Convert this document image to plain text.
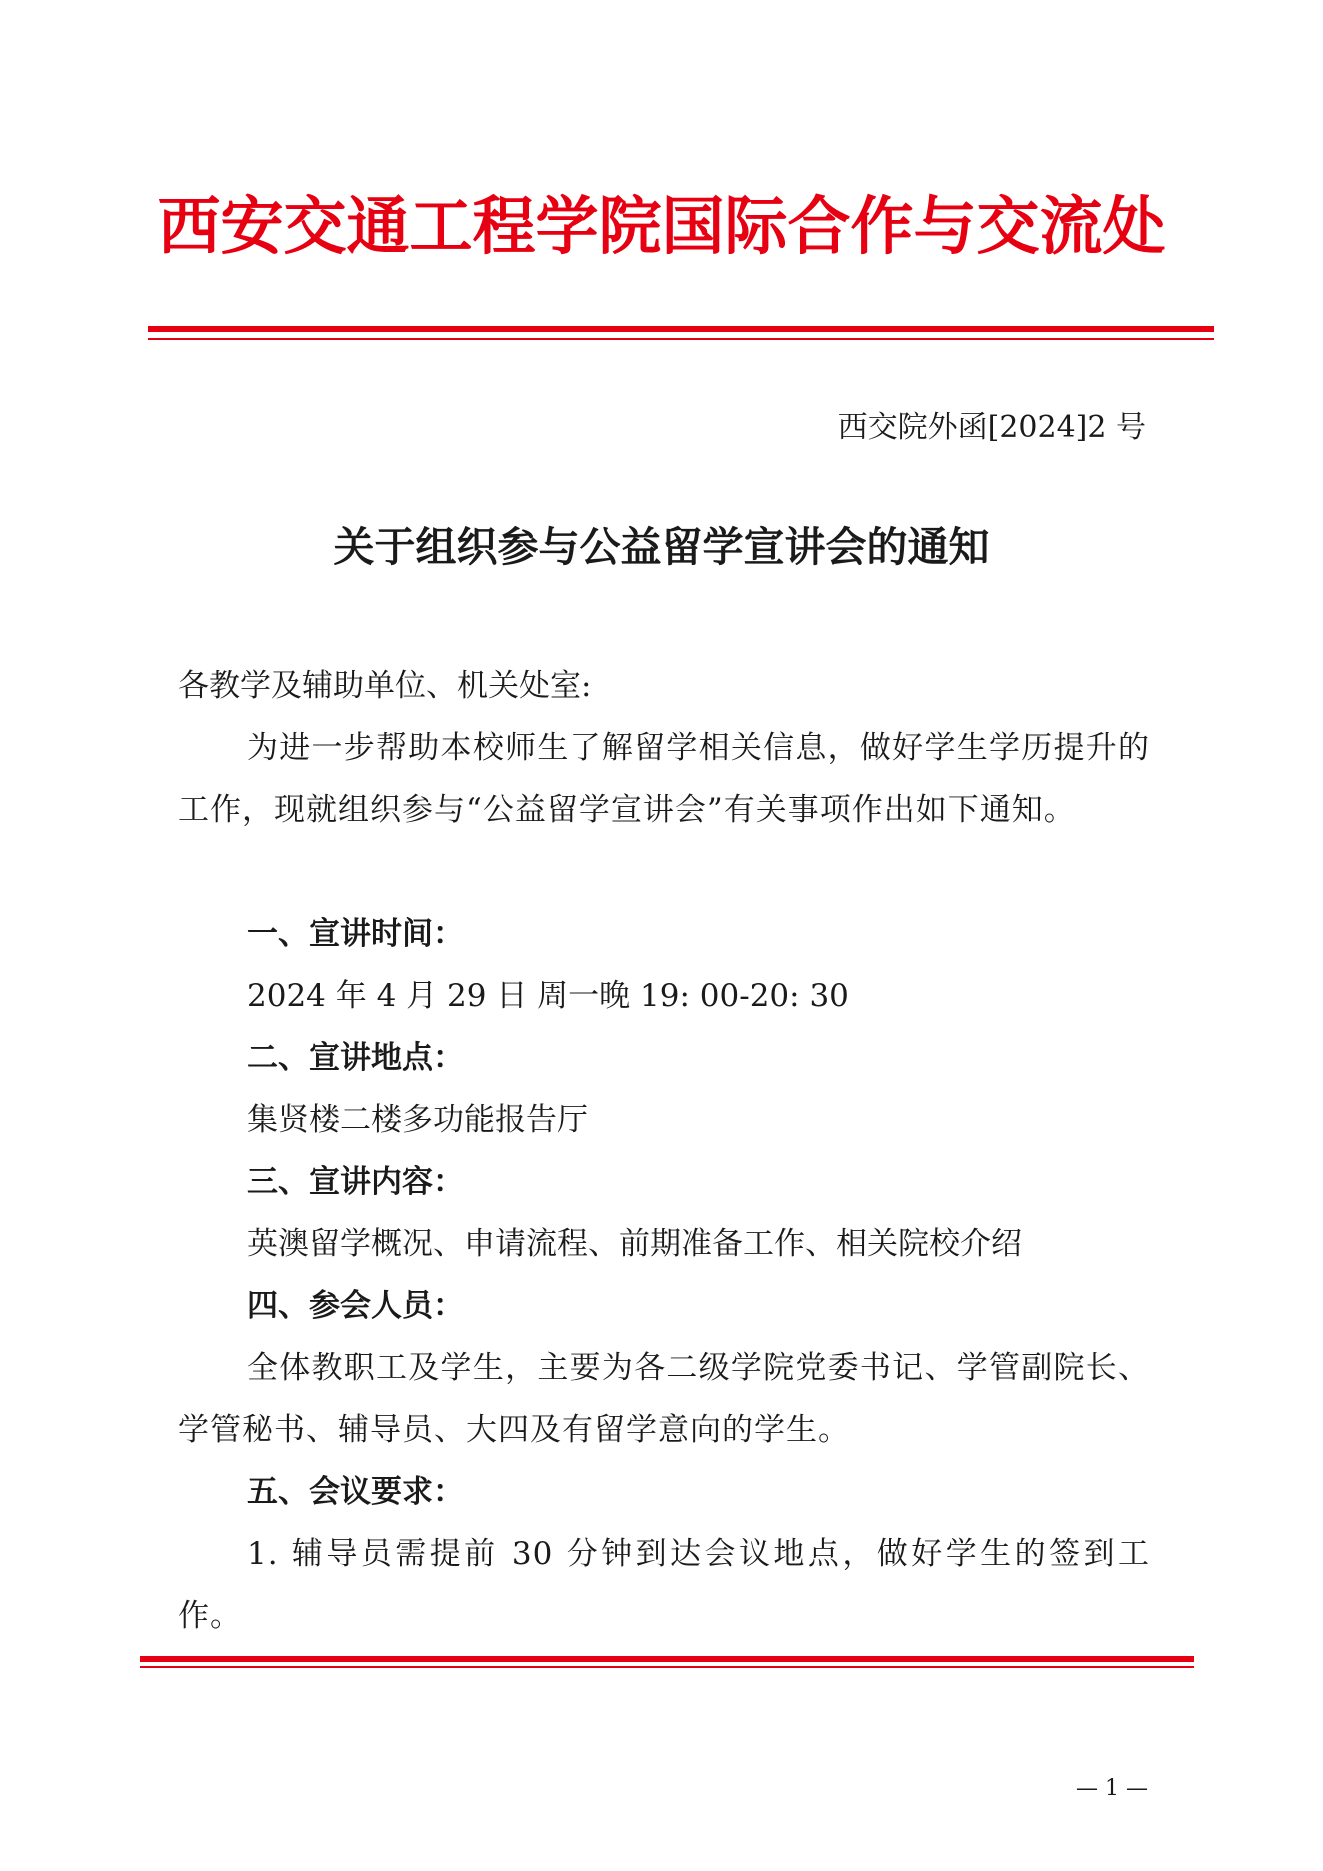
西安交通工程学院国际合作与交流处
西交院外函[2024]2 号
关于组织参与公益留学宣讲会的通知
各教学及辅助单位、机关处室:
为进一步帮助本校师生了解留学相关信息，做好学生学历提升的工作，现就组织参与“公益留学宣讲会”有关事项作出如下通知。
一、宣讲时间：
2024 年 4 月 29 日 周一晚 19: 00-20: 30
二、宣讲地点：
集贤楼二楼多功能报告厅
三、宣讲内容：
英澳留学概况、申请流程、前期准备工作、相关院校介绍
四、参会人员：
全体教职工及学生，主要为各二级学院党委书记、学管副院长、学管秘书、辅导员、大四及有留学意向的学生。
五、会议要求：
1. 辅导员需提前 30 分钟到达会议地点，做好学生的签到工作。
— 1 —
